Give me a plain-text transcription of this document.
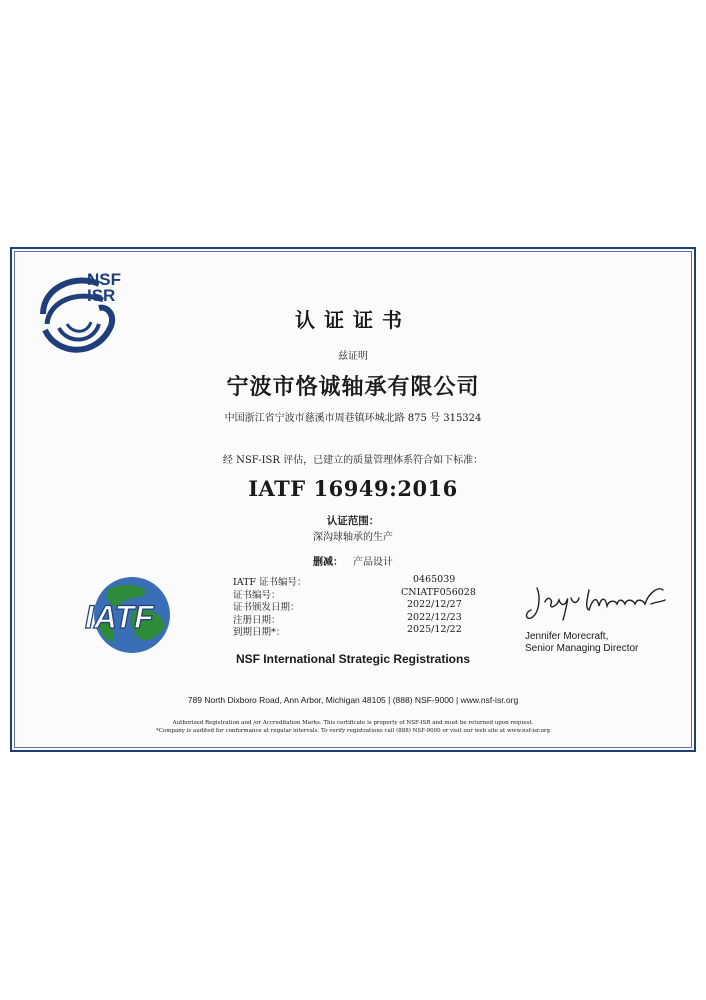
NSF
ISR
认证证书
兹证明
宁波市恪诚轴承有限公司
中国浙江省宁波市慈溪市周巷镇环城北路 875 号 315324
经 NSF-ISR 评估，已建立的质量管理体系符合如下标准：
IATF 16949:2016
认证范围：
深沟球轴承的生产
删减： 产品设计
IATF
IATF 证书编号：	0465039
证书编号：	CNIATF056028
证书颁发日期：	2022/12/27
注册日期：	2022/12/23
到期日期*：	2025/12/22
Jennifer Morecraft,
Senior Managing Director
NSF International Strategic Registrations
789 North Dixboro Road, Ann Arbor, Michigan 48105 | (888) NSF-9000 | www.nsf-isr.org
Authorized Registration and /or Accreditation Marks. This certificate is property of NSF-ISR and must be returned upon request.
*Company is audited for conformance at regular intervals. To verify registrations call (888) NSF-9000 or visit our web site at www.nsf-isr.org
